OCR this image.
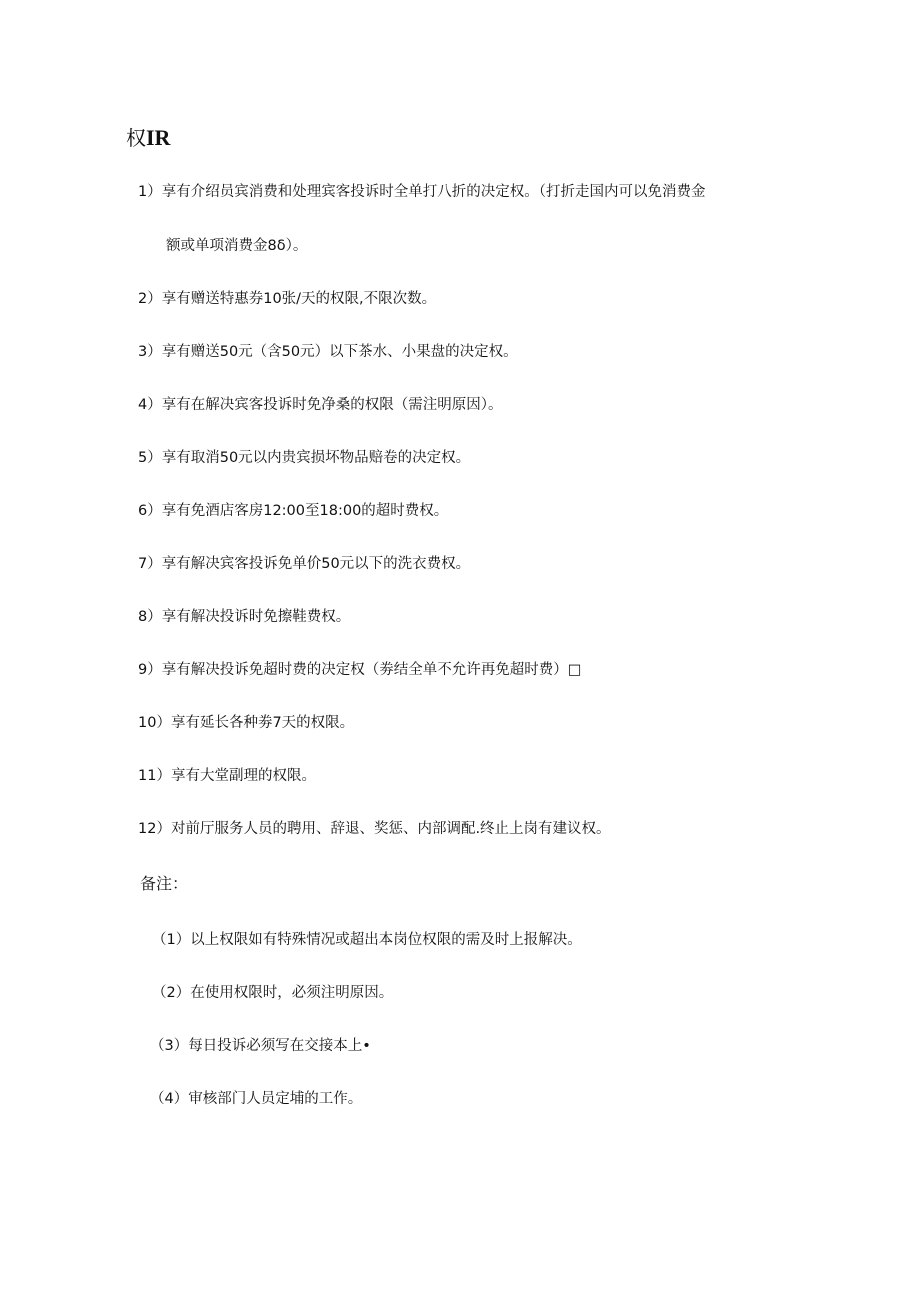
权IR
1）享有介绍员宾消费和处理宾客投诉时全单打八折的决定权。（打折走国内可以免消费金
额或单项消费金8δ）。
2）享有赠送特惠券10张/天的权限,不限次数。
3）享有赠送50元（含50元）以下茶水、小果盘的决定权。
4）享有在解决宾客投诉时免净桑的权限（需注明原因）。
5）享有取消50元以内贵宾损坏物品赔卷的决定权。
6）享有免酒店客房12:00至18:00的超时费权。
7）享有解决宾客投诉免单价50元以下的洗衣费权。
8）享有解决投诉时免擦鞋费权。
9）享有解决投诉免超时费的决定权（劵结全单不允许再免超时费）□
10）享有延长各种劵7天的权限。
11）享有大堂副理的权限。
12）对前厅服务人员的聘用、辞退、奖惩、内部调配.终止上岗有建议权。
备注：
（1）以上权限如有特殊情况或超出本岗位权限的需及时上报解决。
（2）在使用权限时，必须注明原因。
（3）每日投诉必须写在交接本上•
（4）审核部门人员定埔的工作。
